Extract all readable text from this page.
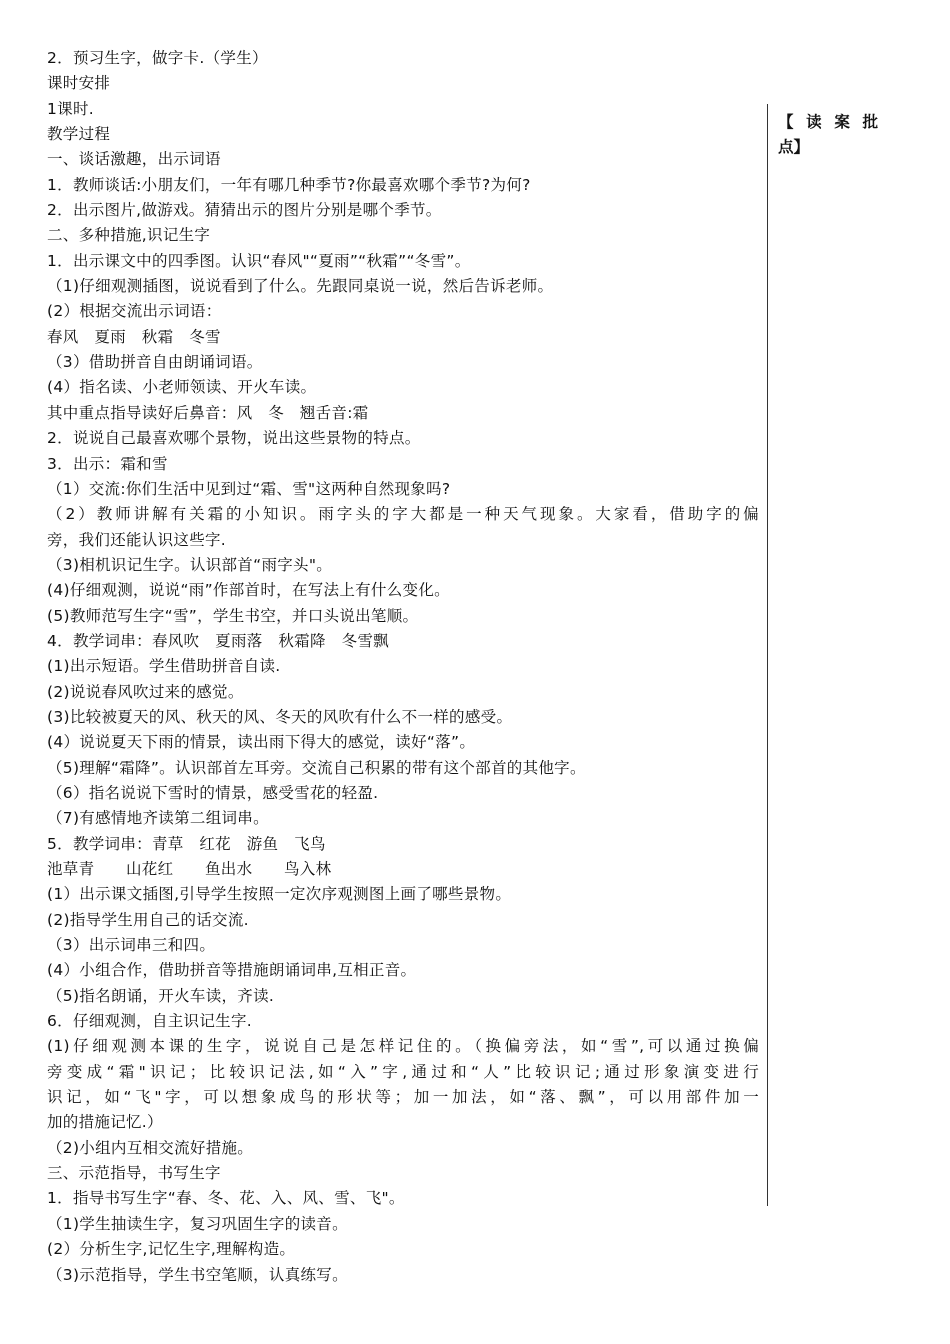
2．预习生字，做字卡.（学生）
课时安排
1课时.
教学过程
一、谈话激趣，出示词语
1．教师谈话:小朋友们，一年有哪几种季节?你最喜欢哪个季节?为何?
2．出示图片,做游戏。猜猜出示的图片分别是哪个季节。
二、多种措施,识记生字
1．出示课文中的四季图。认识“春风"“夏雨”“秋霜”“冬雪”。
（1)仔细观测插图，说说看到了什么。先跟同桌说一说，然后告诉老师。
(2）根据交流出示词语：
春风　夏雨　秋霜　冬雪
（3）借助拼音自由朗诵词语。
(4）指名读、小老师领读、开火车读。
其中重点指导读好后鼻音：风　冬　翘舌音:霜
2．说说自己最喜欢哪个景物，说出这些景物的特点。
3．出示：霜和雪
（1）交流:你们生活中见到过“霜、雪"这两种自然现象吗?
（2）教师讲解有关霜的小知识。雨字头的字大都是一种天气现象。大家看，借助字的偏
旁，我们还能认识这些字.
（3)相机识记生字。认识部首“雨字头"。
(4)仔细观测，说说“雨”作部首时，在写法上有什么变化。
(5)教师范写生字“雪”，学生书空，并口头说出笔顺。
4．教学词串：春风吹　夏雨落　秋霜降　冬雪飘
(1)出示短语。学生借助拼音自读.
(2)说说春风吹过来的感觉。
(3)比较被夏天的风、秋天的风、冬天的风吹有什么不一样的感受。
(4）说说夏天下雨的情景，读出雨下得大的感觉，读好“落”。
（5)理解“霜降”。认识部首左耳旁。交流自己积累的带有这个部首的其他字。
（6）指名说说下雪时的情景，感受雪花的轻盈.
（7)有感情地齐读第二组词串。
5．教学词串：青草　红花　游鱼　飞鸟
池草青　　山花红　　鱼出水　　鸟入林
(1）出示课文插图,引导学生按照一定次序观测图上画了哪些景物。
(2)指导学生用自己的话交流.
（3）出示词串三和四。
(4）小组合作，借助拼音等措施朗诵词串,互相正音。
（5)指名朗诵，开火车读，齐读.
6．仔细观测，自主识记生字.
(1)仔细观测本课的生字，说说自己是怎样记住的。（换偏旁法，如“雪”,可以通过换偏
旁变成“霜"识记；比较识记法,如“入”字,通过和“人”比较识记;通过形象演变进行
识记，如“飞"字，可以想象成鸟的形状等；加一加法，如“落、飘”，可以用部件加一
加的措施记忆.）
（2)小组内互相交流好措施。
三、示范指导，书写生字
1．指导书写生字“春、冬、花、入、风、雪、飞"。
（1)学生抽读生字，复习巩固生字的读音。
(2）分析生字,记忆生字,理解构造。
（3)示范指导，学生书空笔顺，认真练写。
【读案批
点】
